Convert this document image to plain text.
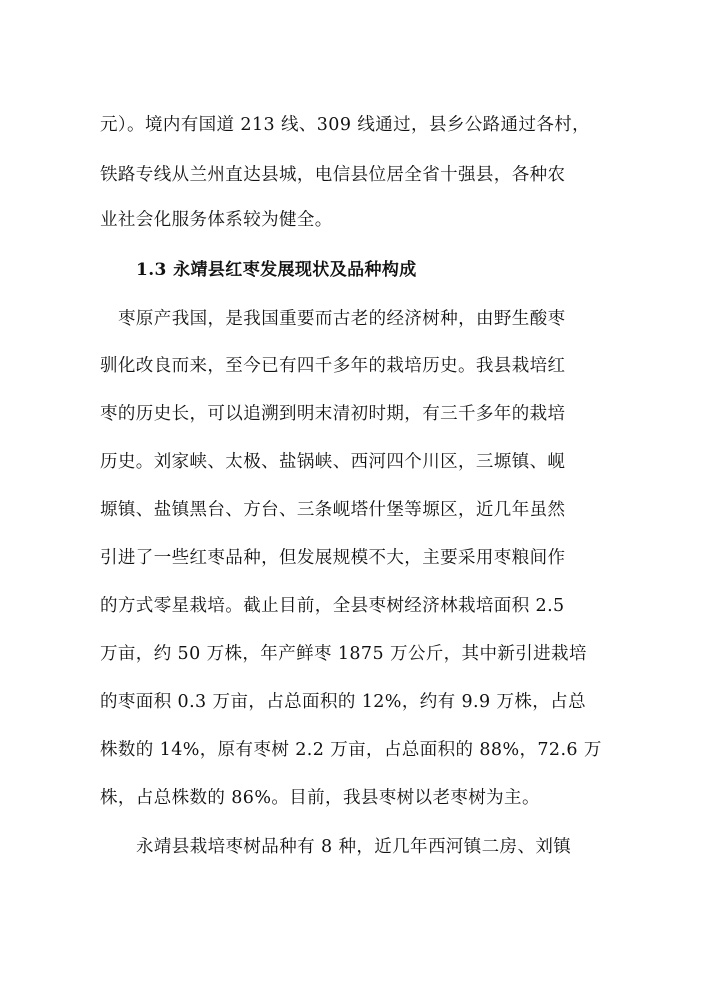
元）。境内有国道 213 线、309 线通过，县乡公路通过各村，
铁路专线从兰州直达县城，电信县位居全省十强县，各种农
业社会化服务体系较为健全。
1.3 永靖县红枣发展现状及品种构成
枣原产我国，是我国重要而古老的经济树种，由野生酸枣
驯化改良而来，至今已有四千多年的栽培历史。我县栽培红
枣的历史长，可以追溯到明末清初时期，有三千多年的栽培
历史。刘家峡、太极、盐锅峡、西河四个川区，三塬镇、岘
塬镇、盐镇黑台、方台、三条岘塔什堡等塬区，近几年虽然
引进了一些红枣品种，但发展规模不大，主要采用枣粮间作
的方式零星栽培。截止目前，全县枣树经济林栽培面积 2.5
万亩，约 50 万株，年产鲜枣 1875 万公斤，其中新引进栽培
的枣面积 0.3 万亩，占总面积的 12%，约有 9.9 万株，占总
株数的 14%，原有枣树 2.2 万亩，占总面积的 88%，72.6 万
株，占总株数的 86%。目前，我县枣树以老枣树为主。
永靖县栽培枣树品种有 8 种，近几年西河镇二房、刘镇
